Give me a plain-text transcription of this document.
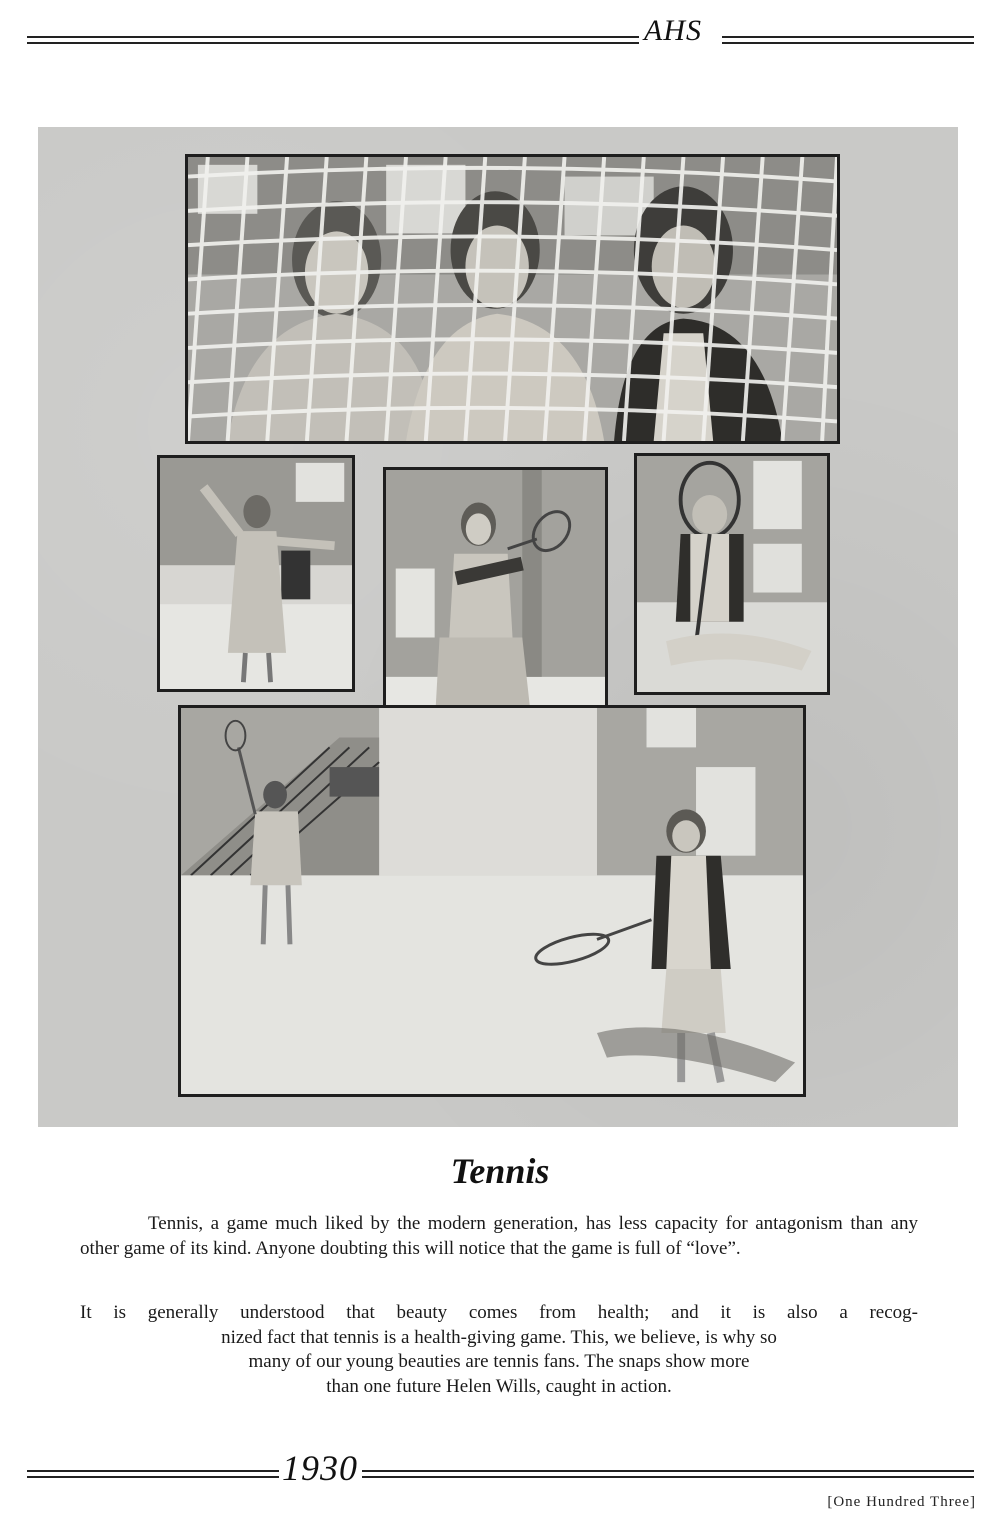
AHS
Tennis
Tennis, a game much liked by the modern generation, has less capacity for antagonism than any other game of its kind. Anyone doubting this will notice that the game is full of “love”.
It is generally understood that beauty comes from health; and it is also a recog-
nized fact that tennis is a health-giving game. This, we believe, is why so
many of our young beauties are tennis fans. The snaps show more
than one future Helen Wills, caught in action.
1930
[One Hundred Three]
